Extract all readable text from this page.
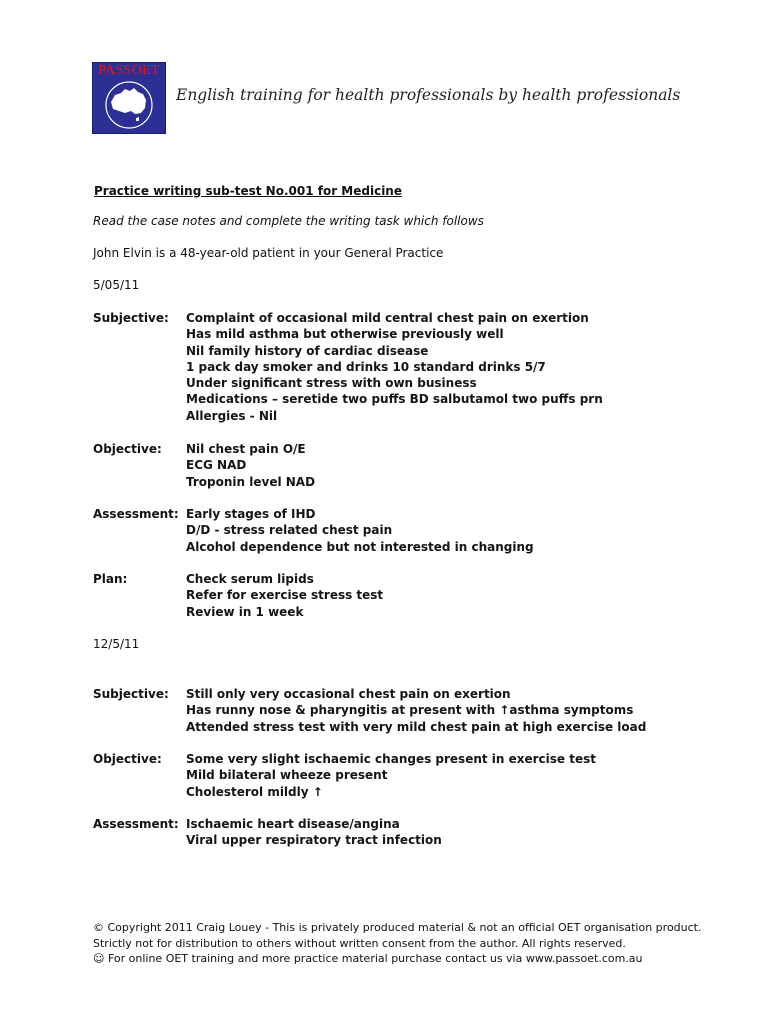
PASSOET
English training for health professionals by health professionals
Practice writing sub-test No.001 for Medicine
Read the case notes and complete the writing task which follows
John Elvin is a 48-year-old patient in your General Practice
5/05/11
Subjective: Complaint of occasional mild central chest pain on exertion
Has mild asthma but otherwise previously well
Nil family history of cardiac disease
1 pack day smoker and drinks 10 standard drinks 5/7
Under significant stress with own business
Medications – seretide two puffs BD salbutamol two puffs prn
Allergies - Nil
Objective: Nil chest pain O/E
ECG NAD
Troponin level NAD
Assessment: Early stages of IHD
D/D - stress related chest pain
Alcohol dependence but not interested in changing
Plan:	Check serum lipids
Refer for exercise stress test
Review in 1 week
12/5/11
Subjective: Still only very occasional chest pain on exertion
Has runny nose & pharyngitis at present with ↑asthma symptoms
Attended stress test with very mild chest pain at high exercise load
Objective: Some very slight ischaemic changes present in exercise test
Mild bilateral wheeze present
Cholesterol mildly ↑
Assessment: Ischaemic heart disease/angina
Viral upper respiratory tract infection
© Copyright 2011 Craig Louey - This is privately produced material & not an official OET organisation product.
Strictly not for distribution to others without written consent from the author. All rights reserved.
☺ For online OET training and more practice material purchase contact us via www.passoet.com.au
